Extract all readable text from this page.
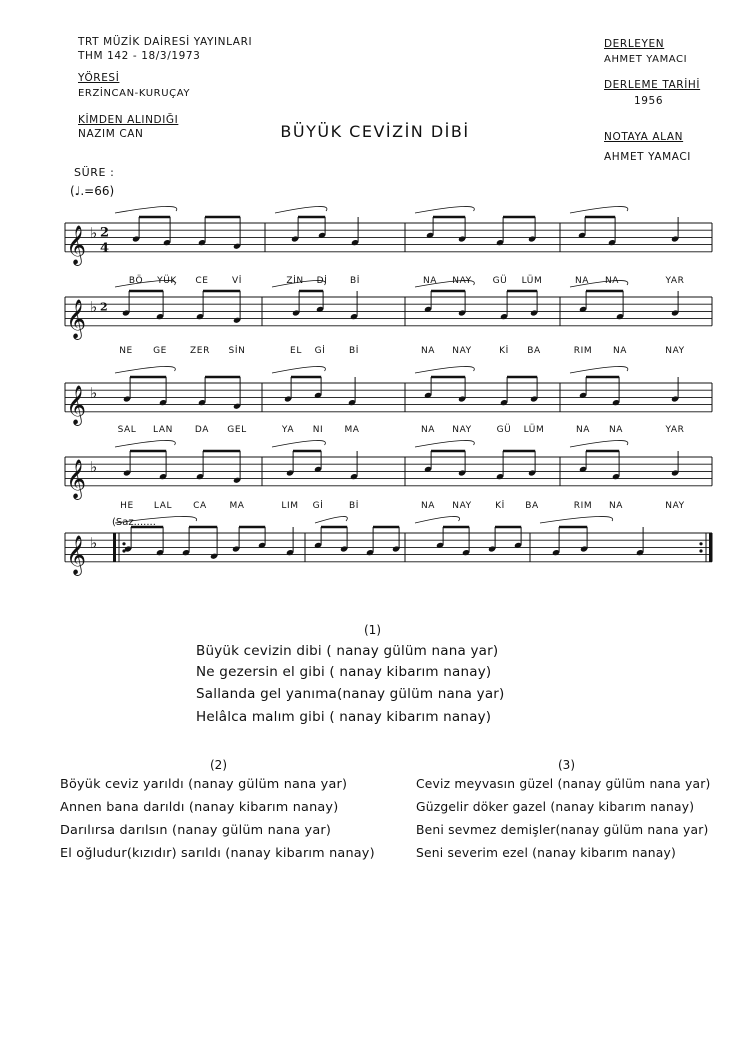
TRT MÜZİK DAİRESİ YAYINLARI
THM 142 - 18/3/1973
YÖRESİ
ERZİNCAN-KURUÇAY
KİMDEN ALINDIĞI
NAZIM CAN
DERLEYEN
AHMET YAMACI
DERLEME TARİHİ
1956
NOTAYA ALAN
AHMET YAMACI
BÜYÜK CEVİZİN DİBİ
SÜRE :
(♩.=66)
𝄞 ♭ 2
4
BÖ YÜK CE	Vİ	ZİN Dİ	Bİ	NA NAY GÜ LÜM	NA NA	YAR
𝄞 ♭ 2
NE GE	ZER SİN	EL Gİ	Bİ	NA NAY	Kİ BA	RIM NA	NAY
𝄞 ♭
SAL LAN DA GEL	YA NI MA	NA NAY	GÜ LÜM	NA NA	YAR
𝄞 ♭
HE LAL CA	MA	LIM Gİ	Bİ	NA NAY	Kİ BA	RIM NA	NAY
𝄞 ♭
(Saz.......
(1)
Büyük cevizin dibi ( nanay gülüm nana yar)
Ne gezersin el gibi ( nanay kibarım nanay)
Sallanda gel yanıma(nanay gülüm nana yar)
Helâlca malım gibi ( nanay kibarım nanay)
(2)
Böyük ceviz yarıldı (nanay gülüm nana yar)
Annen bana darıldı (nanay kibarım nanay)
Darılırsa darılsın (nanay gülüm nana yar)
El oğludur(kızıdır) sarıldı (nanay kibarım nanay)
(3)
Ceviz meyvasın güzel (nanay gülüm nana yar)
Güzgelir döker gazel (nanay kibarım nanay)
Beni sevmez demişler(nanay gülüm nana yar)
Seni severim ezel (nanay kibarım nanay)
